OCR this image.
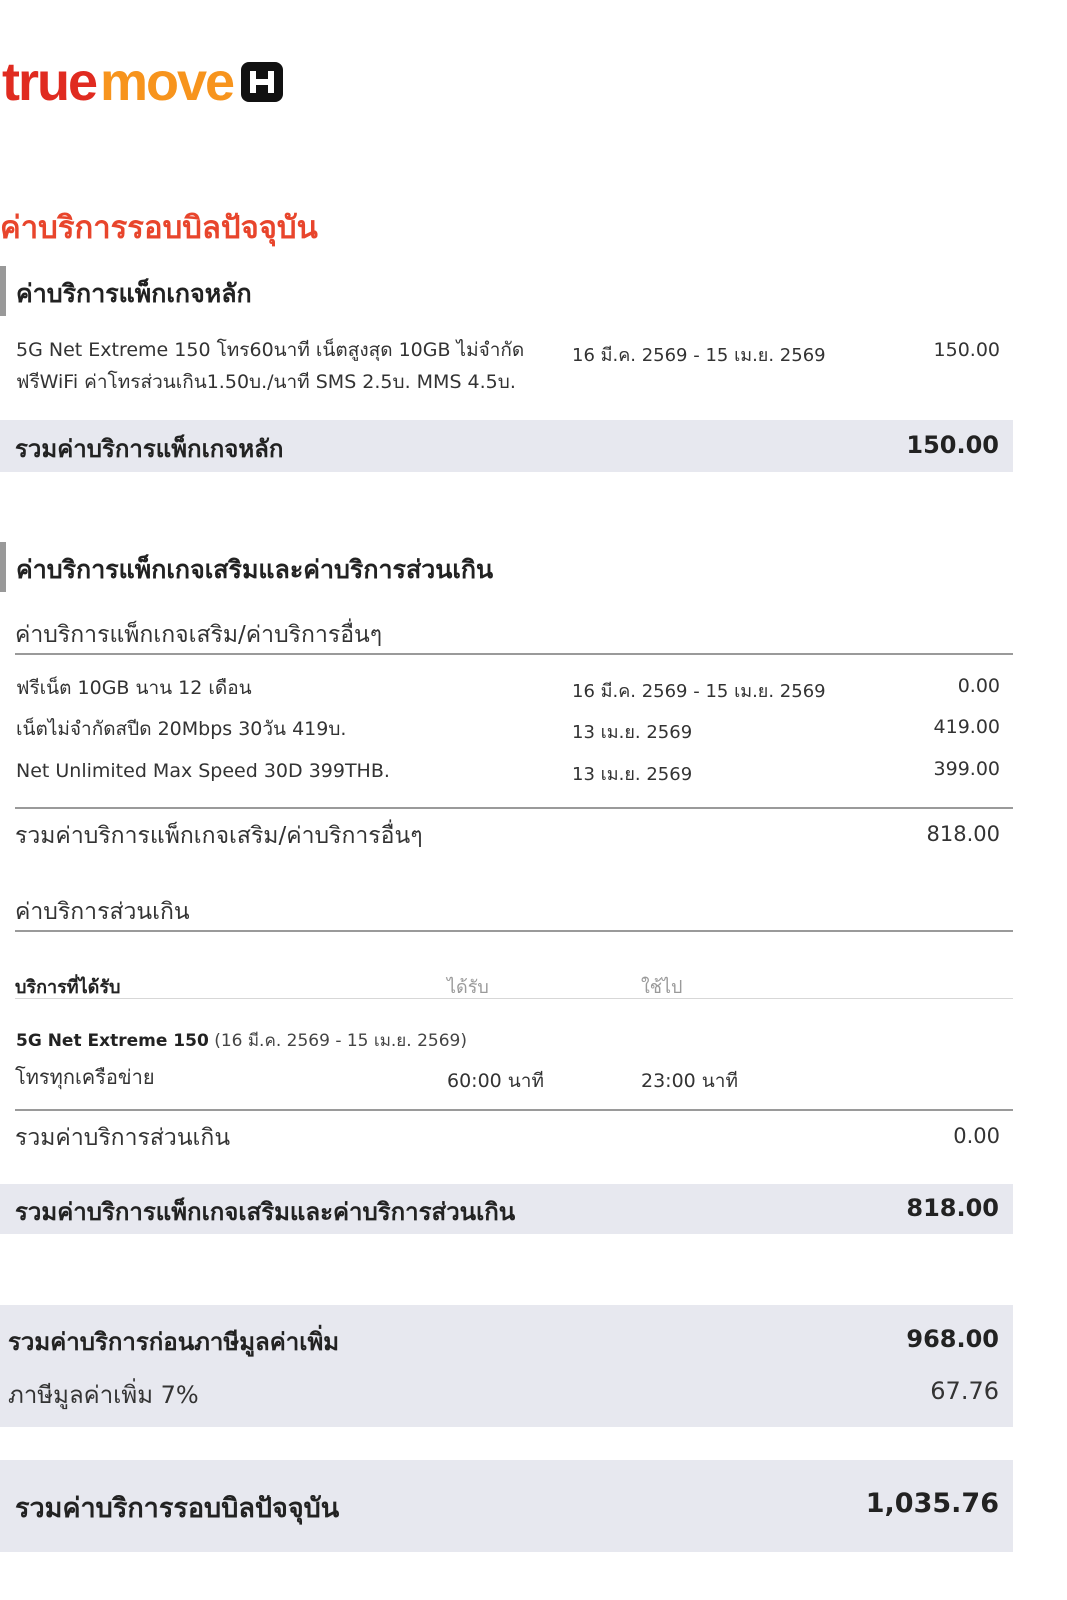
true move
ค่าบริการรอบบิลปัจจุบัน
ค่าบริการแพ็กเกจหลัก
5G Net Extreme 150 โทร60นาที เน็ตสูงสุด 10GB ไม่จำกัด
ฟรีWiFi ค่าโทรส่วนเกิน1.50บ./นาที SMS 2.5บ. MMS 4.5บ.
16 มี.ค. 2569 - 15 เม.ย. 2569	150.00
รวมค่าบริการแพ็กเกจหลัก	150.00
ค่าบริการแพ็กเกจเสริมและค่าบริการส่วนเกิน
ค่าบริการแพ็กเกจเสริม/ค่าบริการอื่นๆ
ฟรีเน็ต 10GB นาน 12 เดือน	16 มี.ค. 2569 - 15 เม.ย. 2569	0.00
เน็ตไม่จำกัดสปีด 20Mbps 30วัน 419บ.	13 เม.ย. 2569	419.00
Net Unlimited Max Speed 30D 399THB.	13 เม.ย. 2569	399.00
รวมค่าบริการแพ็กเกจเสริม/ค่าบริการอื่นๆ	818.00
ค่าบริการส่วนเกิน
บริการที่ได้รับ	ได้รับ	ใช้ไป
5G Net Extreme 150 (16 มี.ค. 2569 - 15 เม.ย. 2569)
โทรทุกเครือข่าย	60:00 นาที	23:00 นาที
รวมค่าบริการส่วนเกิน	0.00
รวมค่าบริการแพ็กเกจเสริมและค่าบริการส่วนเกิน	818.00
รวมค่าบริการก่อนภาษีมูลค่าเพิ่ม	968.00
ภาษีมูลค่าเพิ่ม 7%	67.76
รวมค่าบริการรอบบิลปัจจุบัน	1,035.76
